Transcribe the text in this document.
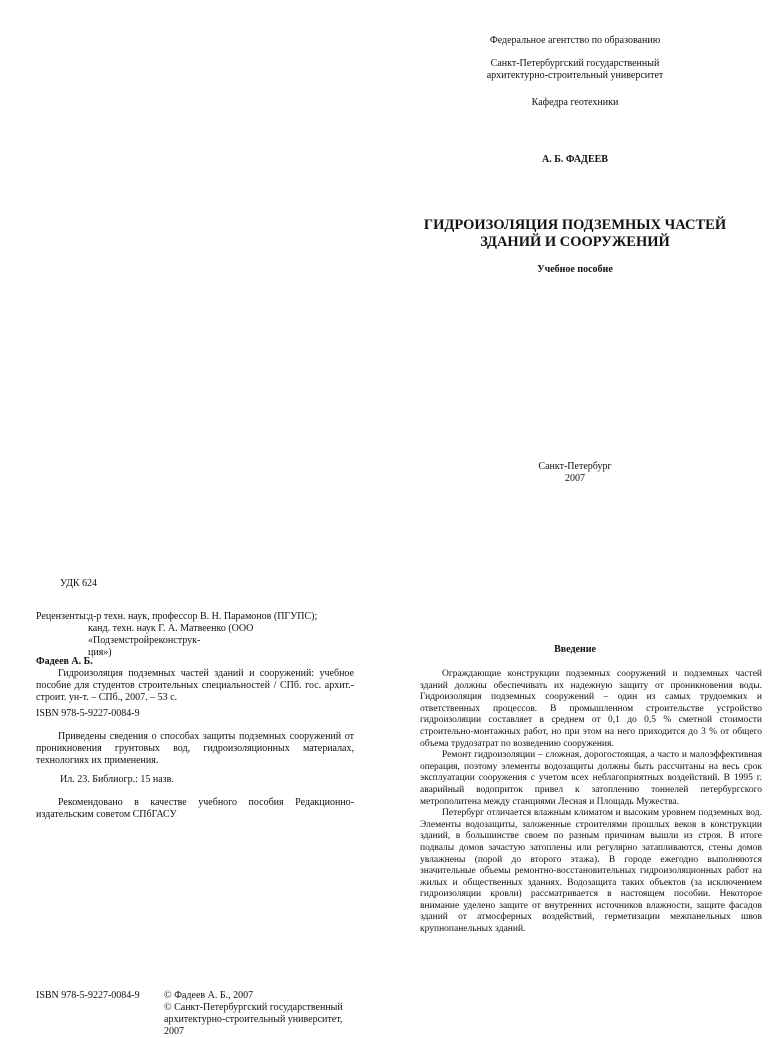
Федеральное агентство по образованию
Санкт-Петербургский государственный
архитектурно-строительный университет
Кафедра геотехники
А. Б. ФАДЕЕВ
ГИДРОИЗОЛЯЦИЯ ПОДЗЕМНЫХ ЧАСТЕЙ
ЗДАНИЙ И СООРУЖЕНИЙ
Учебное пособие
Санкт-Петербург
2007
УДК 624
Рецензенты: д-р техн. наук, профессор В. Н. Парамонов (ПГУПС);
канд. техн. наук Г. А. Матвеенко (ООО «Подземстройреконструк-
ция»)
Фадеев А. Б.
Гидроизоляция подземных частей зданий и сооружений: учебное пособие для студентов строительных специальностей / СПб. гос. архит.-строит. ун-т. – СПб., 2007. – 53 с.
ISBN 978-5-9227-0084-9
Приведены сведения о способах защиты подземных сооружений от проникновения грунтовых вод, гидроизоляционных материалах, технологиях их применения.
Ил. 23. Библиогр.: 15 назв.
Рекомендовано в качестве учебного пособия Редакционно-издательским советом СПбГАСУ
ISBN 978-5-9227-0084-9 © Фадеев А. Б., 2007
© Санкт-Петербургский государственный
архитектурно-строительный университет, 2007
Введение

Ограждающие конструкции подземных сооружений и подземных частей зданий должны обеспечивать их надежную защиту от проникновения воды. Гидроизоляция подземных сооружений – один из самых трудоемких и ответственных процессов. В промышленном строительстве устройство гидроизоляции составляет в среднем от 0,1 до 0,5 % сметной стоимости строительно-монтажных работ, но при этом на него приходится до 3 % от общего объема трудозатрат по возведению сооружения.

Ремонт гидроизоляции – сложная, дорогостоящая, а часто и малоэффективная операция, поэтому элементы водозащиты должны быть рассчитаны на весь срок эксплуатации сооружения с учетом всех неблагоприятных воздействий. В 1995 г. аварийный водоприток привел к затоплению тоннелей петербургского метрополитена между станциями Лесная и Площадь Мужества.

Петербург отличается влажным климатом и высоким уровнем подземных вод. Элементы водозащиты, заложенные строителями прошлых веков в конструкции зданий, в большинстве своем по разным причинам вышли из строя. В итоге подвалы домов зачастую затоплены или регулярно затапливаются, стены домов увлажнены (порой до второго этажа). В городе ежегодно выполняются значительные объемы ремонтно-восстановительных гидроизоляционных работ на жилых и общественных зданиях. Водозащита таких объектов (за исключением гидроизоляции кровли) рассматривается в настоящем пособии. Некоторое внимание уделено защите от внутренних источников влажности, защите фасадов зданий от атмосферных воздействий, герметизации межпанельных швов крупнопанельных зданий.
